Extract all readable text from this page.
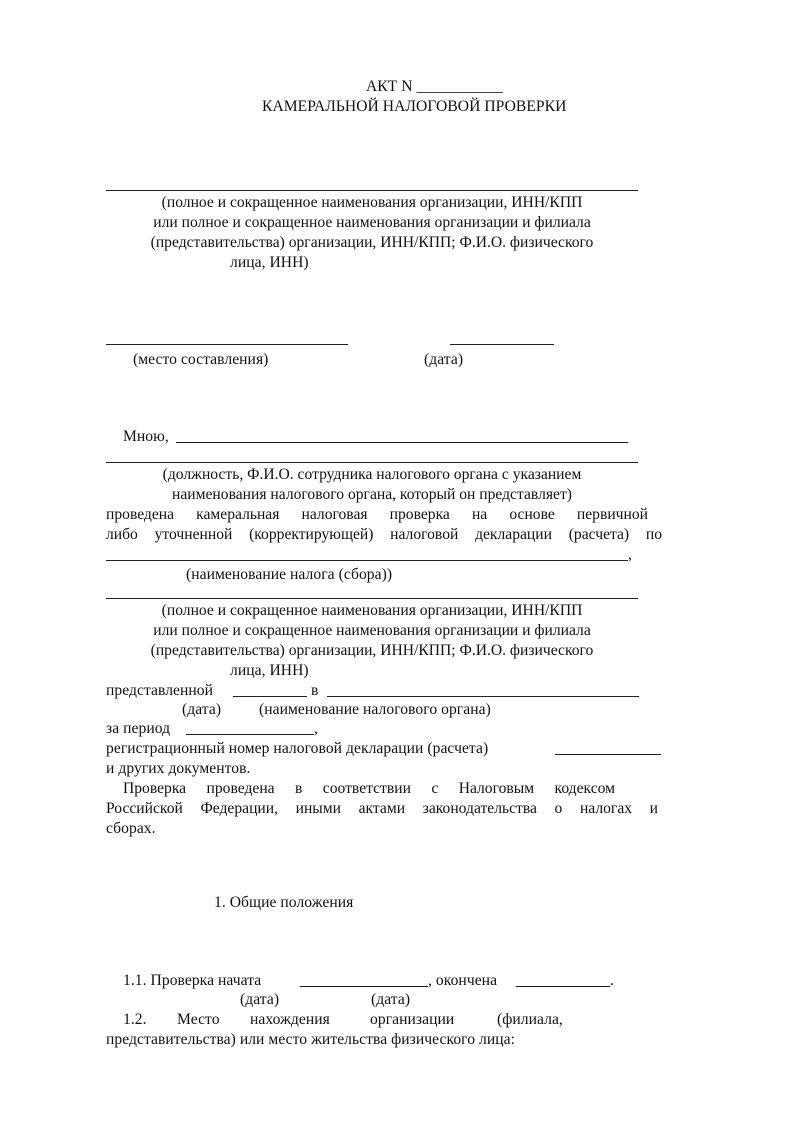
АКТ N ___________
КАМЕРАЛЬНОЙ НАЛОГОВОЙ ПРОВЕРКИ
(полное и сокращенное наименования организации, ИНН/КПП
или полное и сокращенное наименования организации и филиала
(представительства) организации, ИНН/КПП; Ф.И.О. физического
лица, ИНН)
(место составления)	(дата)
Мною,
(должность, Ф.И.О. сотрудника налогового органа с указанием
наименования налогового органа, который он представляет)
проведена камеральная налоговая проверка на основе первичной
либо уточненной (корректирующей) налоговой декларации (расчета) по
,
(наименование налога (сбора))
(полное и сокращенное наименования организации, ИНН/КПП
или полное и сокращенное наименования организации и филиала
(представительства) организации, ИНН/КПП; Ф.И.О. физического
лица, ИНН)
представленной	в
(дата) (наименование налогового органа)
за период	,
регистрационный номер налоговой декларации (расчета)
и других документов.
Проверка проведена в соответствии с Налоговым кодексом
Российской Федерации, иными актами законодательства о налогах и
сборах.
1. Общие положения
1.1. Проверка начата	, окончена	.
(дата)	(дата)
1.2. Место нахождения	организации	(филиала,
представительства) или место жительства физического лица:
